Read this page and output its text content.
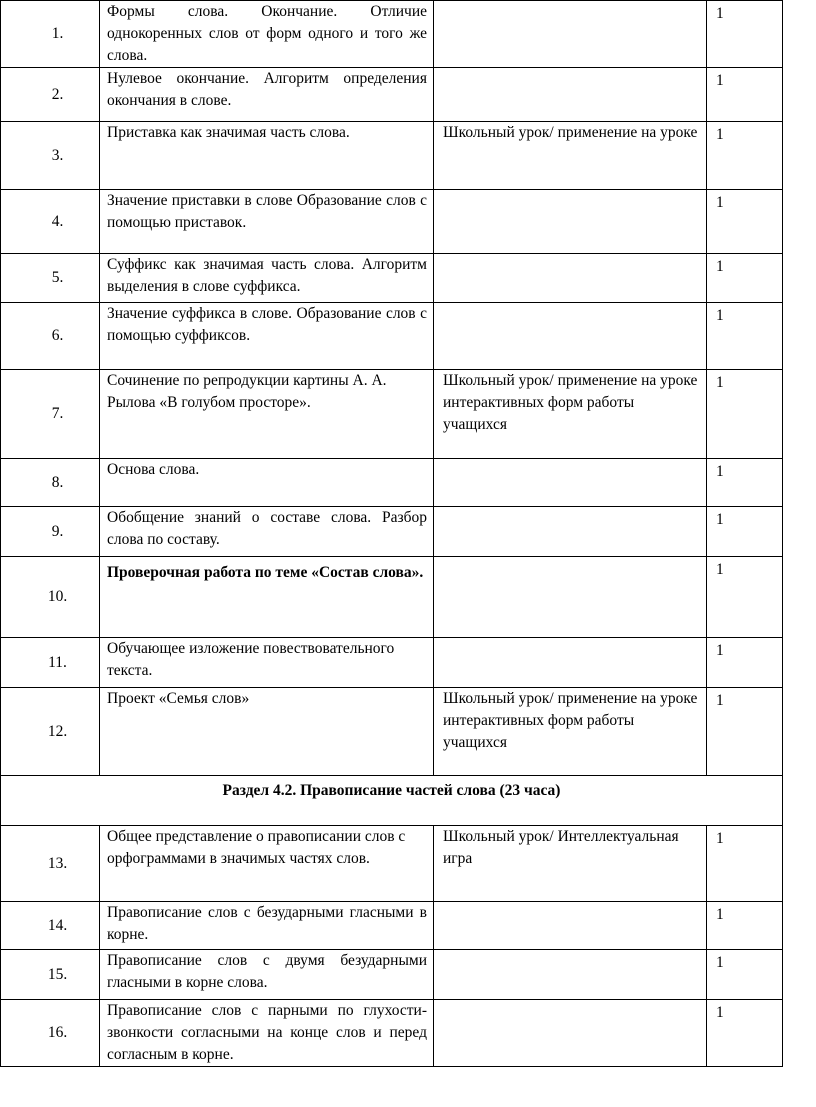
1.	Формы слова. Окончание. Отличие однокоренных слов от форм одного и того же слова.		1
2.	Нулевое окончание. Алгоритм определения окончания в слове.		1
3.	Приставка как значимая часть слова.	Школьный урок/ применение на уроке	1
4.	Значение приставки в слове Образование слов с помощью приставок.		1
5.	Суффикс как значимая часть слова. Алгоритм выделения в слове суффикса.		1
6.	Значение суффикса в слове. Образование слов с помощью суффиксов.		1
7.	Сочинение по репродукции картины А. А. Рылова «В голубом просторе».	Школьный урок/ применение на уроке интерактивных форм работы учащихся	1
8.	Основа слова.		1
9.	Обобщение знаний о составе слова. Разбор слова по составу.		1
10.	Проверочная работа по теме «Состав слова».		1
11.	Обучающее изложение повествовательного текста.		1
12.	Проект «Семья слов»	Школьный урок/ применение на уроке интерактивных форм работы учащихся	1
Раздел 4.2. Правописание частей слова (23 часа)			
13.	Общее представление о правописании слов с орфограммами в значимых частях слов.	Школьный урок/ Интеллектуальная игра	1
14.	Правописание слов с безударными гласными в корне.		1
15.	Правописание слов с двумя безударными гласными в корне слова.		1
16.	Правописание слов с парными по глухости-звонкости согласными на конце слов и перед согласным в корне.		1
